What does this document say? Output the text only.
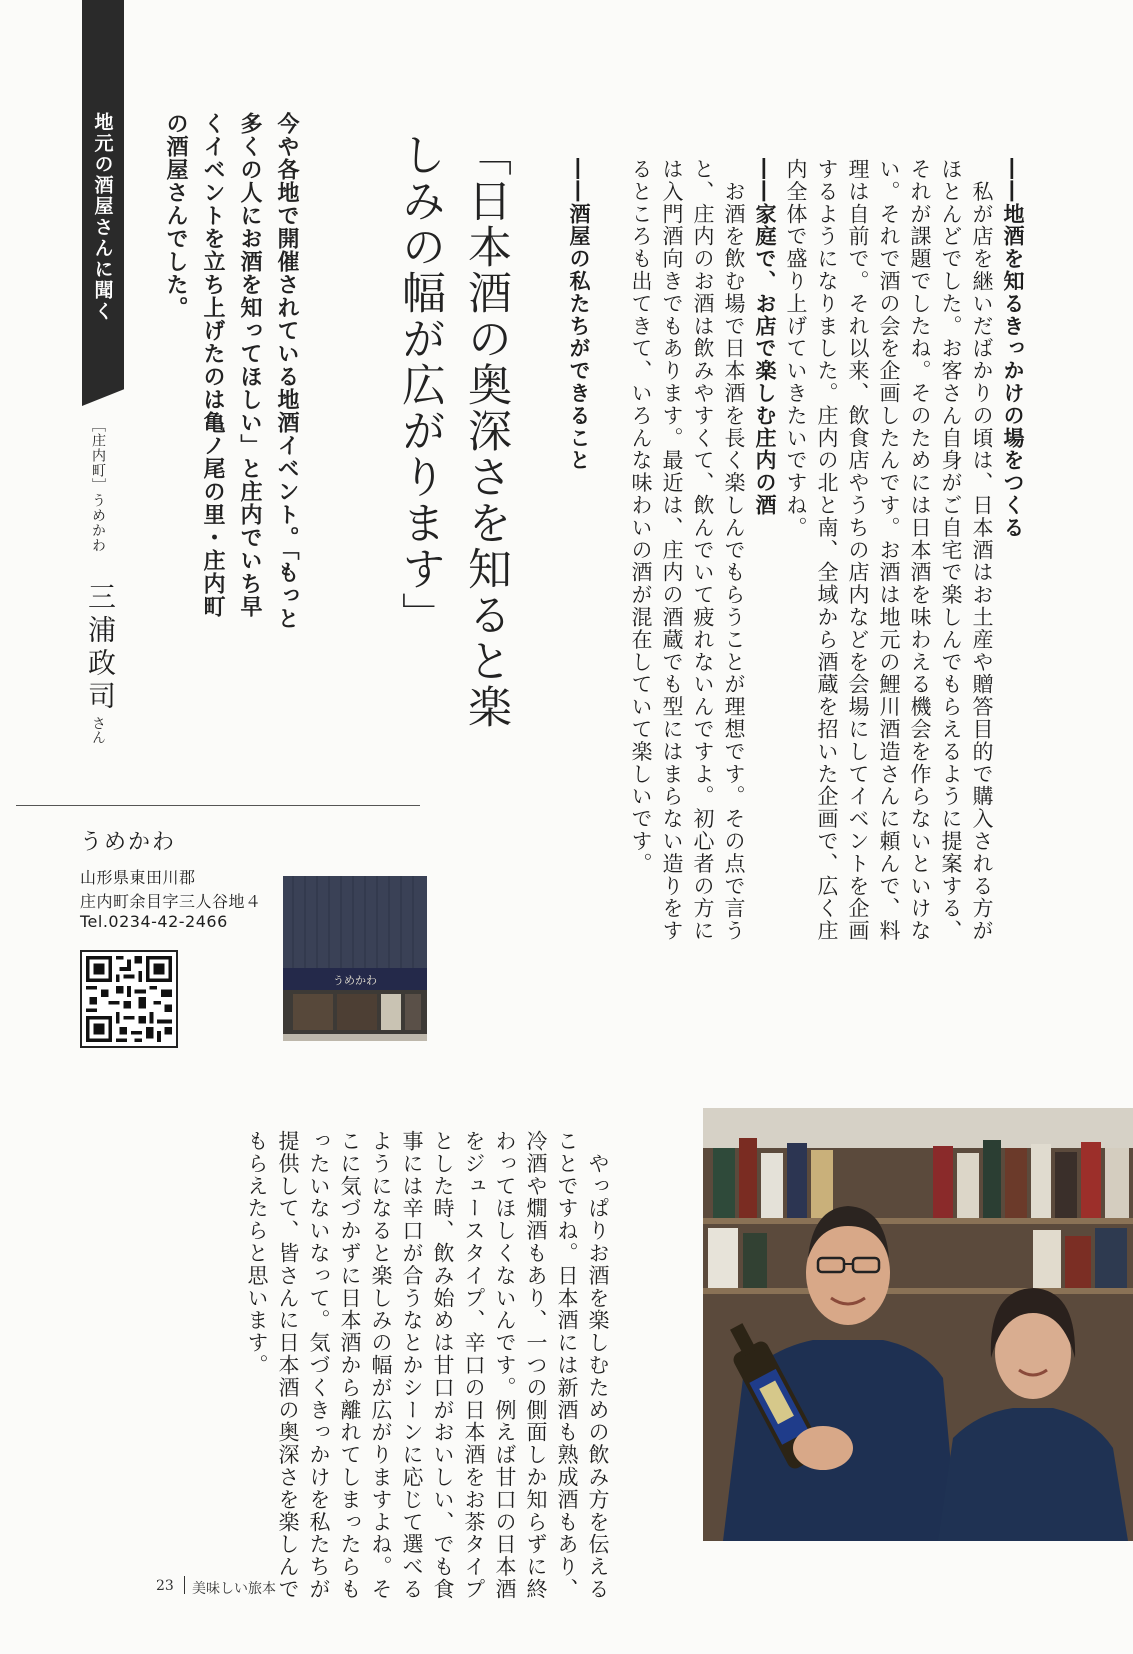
地元の酒屋さんに聞く	「日本酒の奥深さを知ると楽しみの幅が広がります」
今や各地で開催されている地酒イベント。「もっと多くの人にお酒を知ってほしい」と庄内でいち早くイベントを立ち上げたのは亀ノ尾の里・庄内町の酒屋さんでした。
［庄内町］うめかわ
三浦政司
さん
――地酒を知るきっかけの場をつくる
　私が店を継いだばかりの頃は、日本酒はお土産や贈答目的で購入される方がほとんどでした。お客さん自身がご自宅で楽しんでもらえるように提案する、それが課題でしたね。そのためには日本酒を味わえる機会を作らないといけない。それで酒の会を企画したんです。お酒は地元の鯉川酒造さんに頼んで、料理は自前で。それ以来、飲食店やうちの店内などを会場にしてイベントを企画するようになりました。庄内の北と南、全域から酒蔵を招いた企画で、広く庄内全体で盛り上げていきたいですね。
――家庭で、お店で楽しむ庄内の酒
　お酒を飲む場で日本酒を長く楽しんでもらうことが理想です。その点で言うと、庄内のお酒は飲みやすくて、飲んでいて疲れないんですよ。初心者の方には入門酒向きでもあります。最近は、庄内の酒蔵でも型にはまらない造りをするところも出てきて、いろんな味わいの酒が混在していて楽しいです。

――酒屋の私たちができること
　やっぱりお酒を楽しむための飲み方を伝えることですね。日本酒には新酒も熟成酒もあり、冷酒や燗酒もあり、一つの側面しか知らずに終わってほしくないんです。例えば甘口の日本酒をジュースタイプ、辛口の日本酒をお茶タイプとした時、飲み始めは甘口がおいしい、でも食事には辛口が合うなとかシーンに応じて選べるようになると楽しみの幅が広がりますよね。そこに気づかずに日本酒から離れてしまったらもったいないなって。気づくきっかけを私たちが提供して、皆さんに日本酒の奥深さを楽しんでもらえたらと思います。
うめかわ
山形県東田川郡
庄内町余目字三人谷地４
Tel.0234-42-2466
うめかわ
23 美味しい旅本
